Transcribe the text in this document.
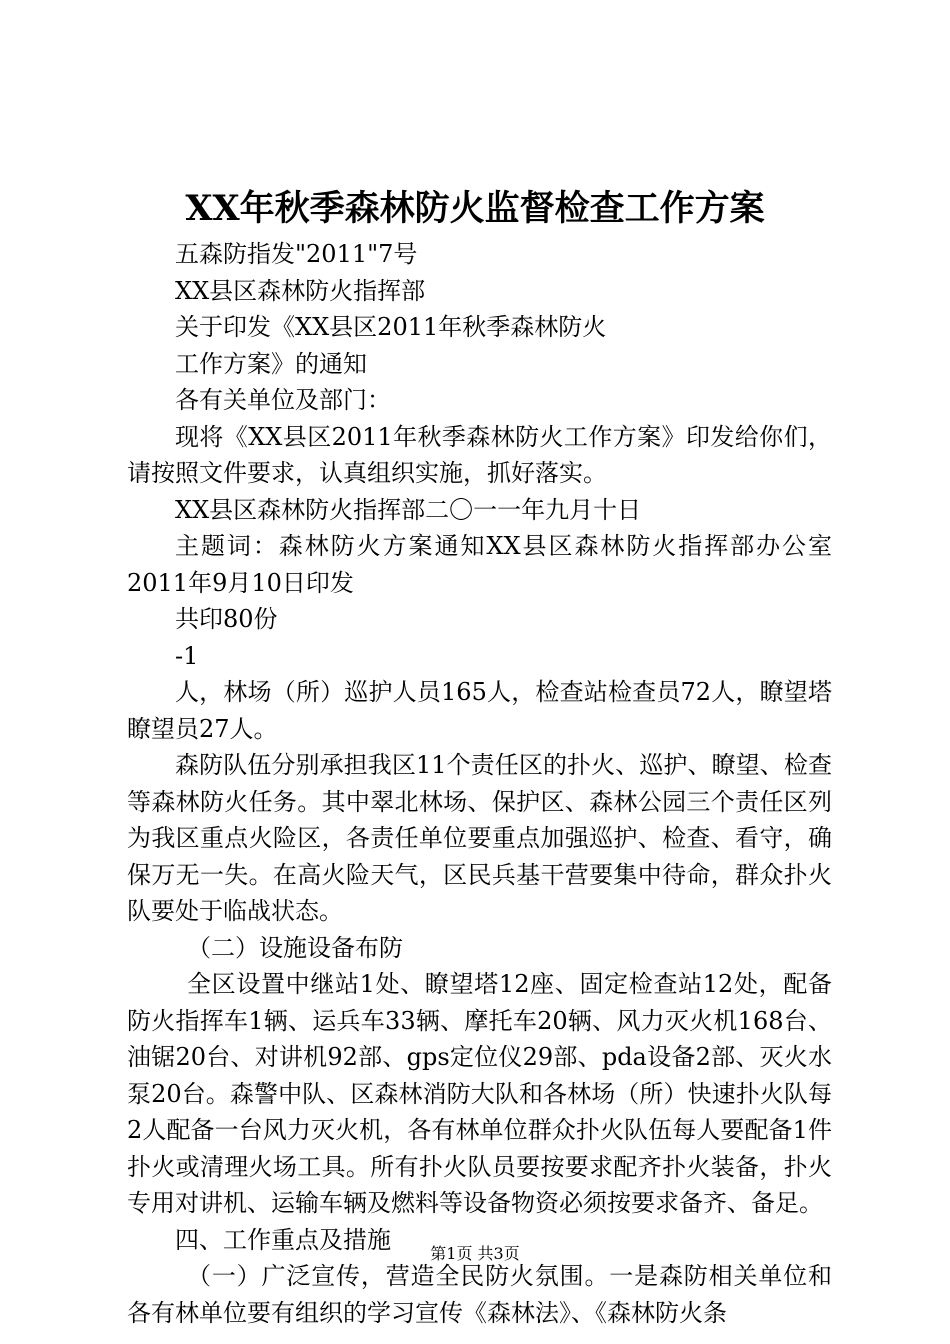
XX年秋季森林防火监督检查工作方案

五森防指发"2011"7号

XX县区森林防火指挥部

关于印发《XX县区2011年秋季森林防火

工作方案》的通知

各有关单位及部门：

现将《XX县区2011年秋季森林防火工作方案》印发给你们，请按照文件要求，认真组织实施，抓好落实。

XX县区森林防火指挥部二〇一一年九月十日

主题词：森林防火方案通知XX县区森林防火指挥部办公室2011年9月10日印发

共印80份

-1

人，林场（所）巡护人员165人，检查站检查员72人，瞭望塔瞭望员27人。

森防队伍分别承担我区11个责任区的扑火、巡护、瞭望、检查等森林防火任务。其中翠北林场、保护区、森林公园三个责任区列为我区重点火险区，各责任单位要重点加强巡护、检查、看守，确保万无一失。在高火险天气，区民兵基干营要集中待命，群众扑火队要处于临战状态。

（二）设施设备布防

全区设置中继站1处、瞭望塔12座、固定检查站12处，配备防火指挥车1辆、运兵车33辆、摩托车20辆、风力灭火机168台、油锯20台、对讲机92部、gps定位仪29部、pda设备2部、灭火水泵20台。森警中队、区森林消防大队和各林场（所）快速扑火队每2人配备一台风力灭火机，各有林单位群众扑火队伍每人要配备1件扑火或清理火场工具。所有扑火队员要按要求配齐扑火装备，扑火专用对讲机、运输车辆及燃料等设备物资必须按要求备齐、备足。

四、工作重点及措施

（一）广泛宣传，营造全民防火氛围。一是森防相关单位和各有林单位要有组织的学习宣传《森林法》、《森林防火条

第1页 共3页
